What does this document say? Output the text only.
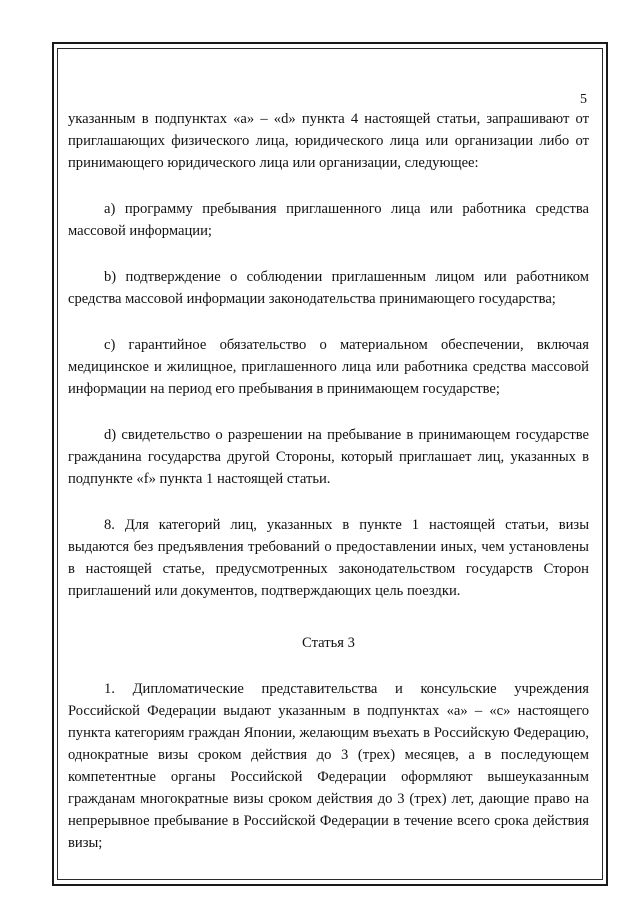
5

указанным в подпунктах «а» – «d» пункта 4 настоящей статьи, запрашивают от приглашающих физического лица, юридического лица или организации либо от принимающего юридического лица или организации, следующее:

a) программу пребывания приглашенного лица или работника средства массовой информации;

b) подтверждение о соблюдении приглашенным лицом или работником средства массовой информации законодательства принимающего государства;

c) гарантийное обязательство о материальном обеспечении, включая медицинское и жилищное, приглашенного лица или работника средства массовой информации на период его пребывания в принимающем государстве;

d) свидетельство о разрешении на пребывание в принимающем государстве гражданина государства другой Стороны, который приглашает лиц, указанных в подпункте «f» пункта 1 настоящей статьи.

8. Для категорий лиц, указанных в пункте 1 настоящей статьи, визы выдаются без предъявления требований о предоставлении иных, чем установлены в настоящей статье, предусмотренных законодательством государств Сторон приглашений или документов, подтверждающих цель поездки.

Статья 3

1. Дипломатические представительства и консульские учреждения Российской Федерации выдают указанным в подпунктах «а» – «с» настоящего пункта категориям граждан Японии, желающим въехать в Российскую Федерацию, однократные визы сроком действия до 3 (трех) месяцев, а в последующем компетентные органы Российской Федерации оформляют вышеуказанным гражданам многократные визы сроком действия до 3 (трех) лет, дающие право на непрерывное пребывание в Российской Федерации в течение всего срока действия визы;
